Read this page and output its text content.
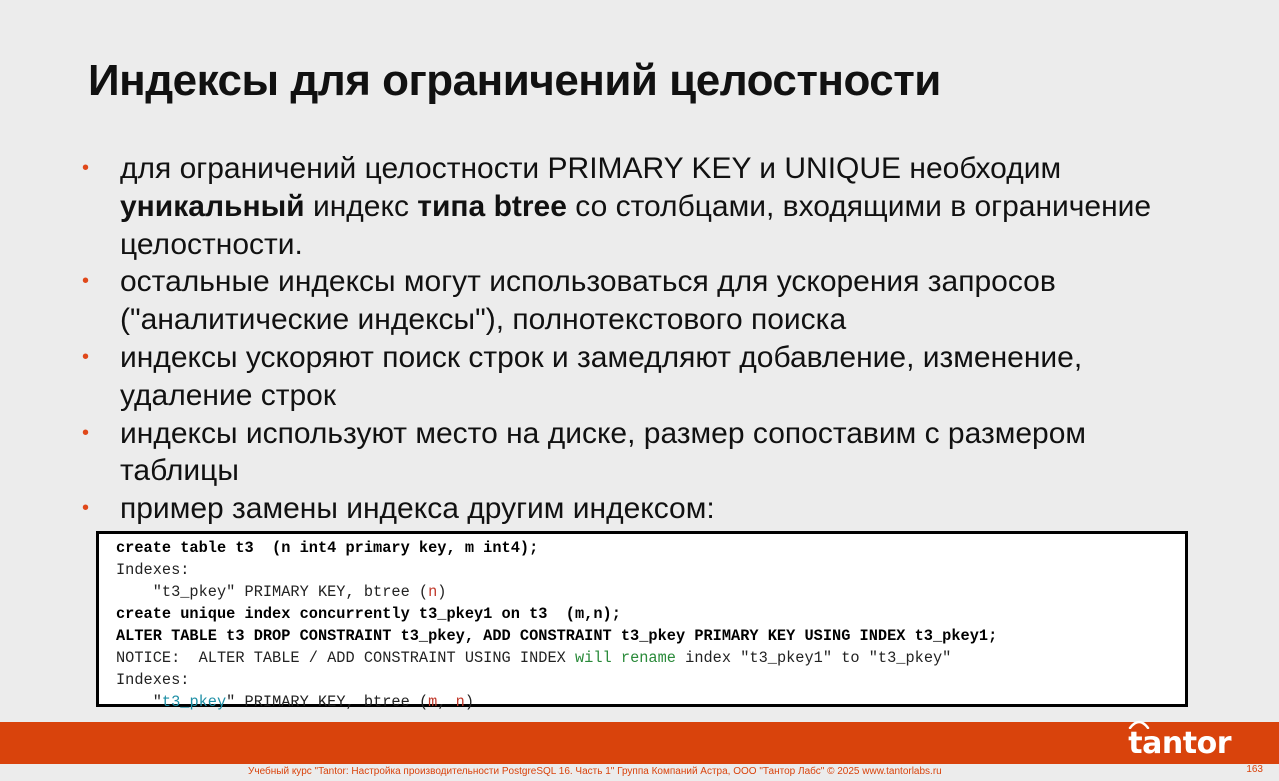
Индексы для ограничений целостности
• для ограничений целостности PRIMARY KEY и UNIQUE необходим уникальный индекс типа btree со столбцами, входящими в ограничение целостности.
• остальные индексы могут использоваться для ускорения запросов ("аналитические индексы"), полнотекстового поиска
• индексы ускоряют поиск строк и замедляют добавление, изменение, удаление строк
• индексы используют место на диске, размер сопоставим с размером таблицы
• пример замены индекса другим индексом:
create table t3  (n int4 primary key, m int4);
Indexes:
"t3_pkey" PRIMARY KEY, btree (n)
create unique index concurrently t3_pkey1 on t3  (m,n);
ALTER TABLE t3 DROP CONSTRAINT t3_pkey, ADD CONSTRAINT t3_pkey PRIMARY KEY USING INDEX t3_pkey1;
NOTICE:  ALTER TABLE / ADD CONSTRAINT USING INDEX will rename index "t3_pkey1" to "t3_pkey"
Indexes:
"t3_pkey" PRIMARY KEY, btree (m, n)
tantor
Учебный курс "Tantor: Настройка производительности PostgreSQL 16. Часть 1" Группа Компаний Астра, ООО "Тантор Лабс" © 2025 www.tantorlabs.ru	163
